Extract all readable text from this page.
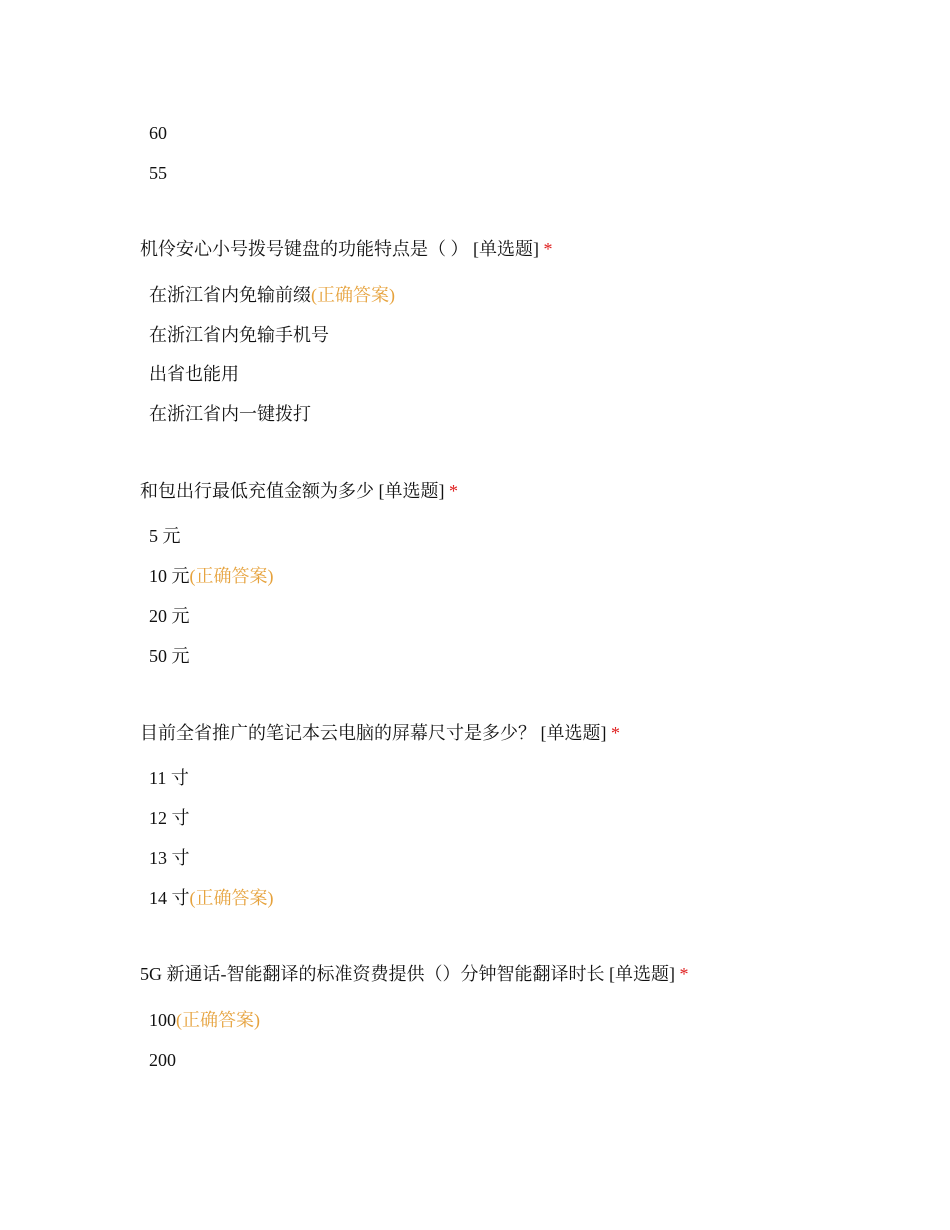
60
55
机伶安心小号拨号键盘的功能特点是（ ） [单选题] *
在浙江省内免输前缀(正确答案)
在浙江省内免输手机号
出省也能用
在浙江省内一键拨打
和包出行最低充值金额为多少 [单选题] *
5 元
10 元(正确答案)
20 元
50 元
目前全省推广的笔记本云电脑的屏幕尺寸是多少？ [单选题] *
11 寸
12 寸
13 寸
14 寸(正确答案)
5G 新通话-智能翻译的标准资费提供（）分钟智能翻译时长 [单选题] *
100(正确答案)
200
